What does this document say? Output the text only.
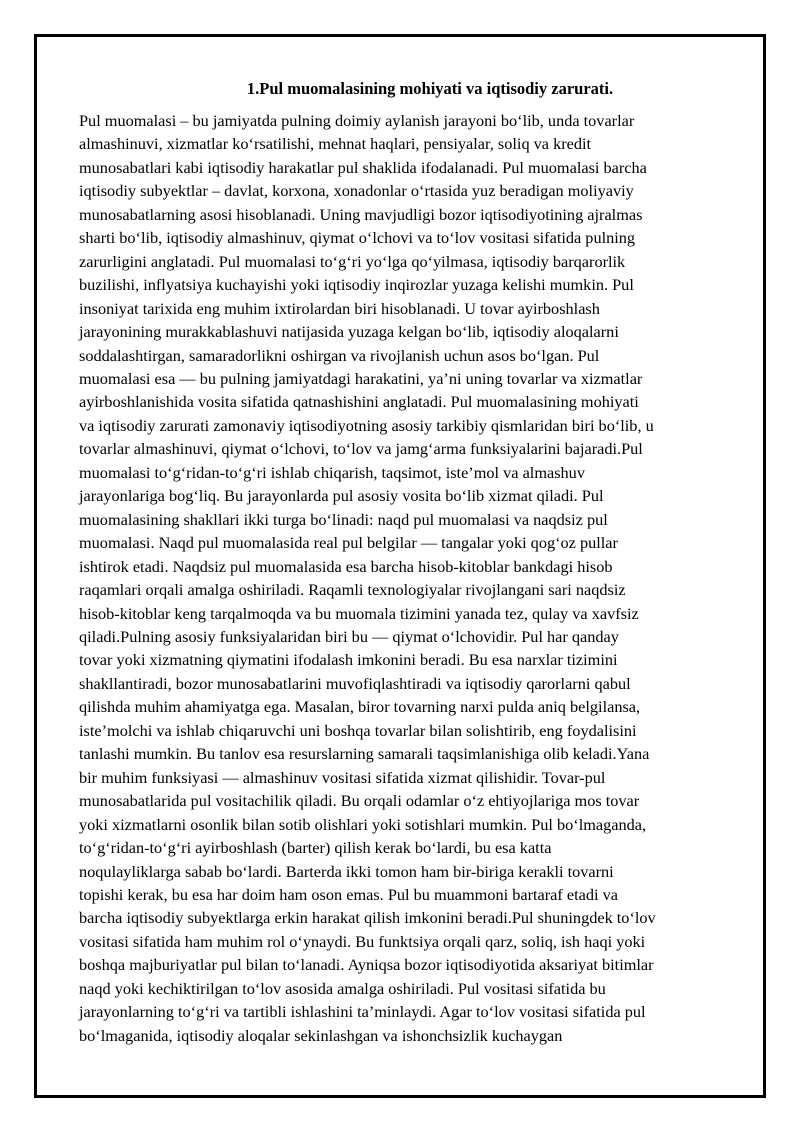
1.Pul muomalasining mohiyati va iqtisodiy zarurati.
Pul muomalasi – bu jamiyatda pulning doimiy aylanish jarayoni bo‘lib, unda tovarlar
almashinuvi, xizmatlar ko‘rsatilishi, mehnat haqlari, pensiyalar, soliq va kredit
munosabatlari kabi iqtisodiy harakatlar pul shaklida ifodalanadi. Pul muomalasi barcha
iqtisodiy subyektlar – davlat, korxona, xonadonlar o‘rtasida yuz beradigan moliyaviy
munosabatlarning asosi hisoblanadi. Uning mavjudligi bozor iqtisodiyotining ajralmas
sharti bo‘lib, iqtisodiy almashinuv, qiymat o‘lchovi va to‘lov vositasi sifatida pulning
zarurligini anglatadi. Pul muomalasi to‘g‘ri yo‘lga qo‘yilmasa, iqtisodiy barqarorlik
buzilishi, inflyatsiya kuchayishi yoki iqtisodiy inqirozlar yuzaga kelishi mumkin. Pul
insoniyat tarixida eng muhim ixtirolardan biri hisoblanadi. U tovar ayirboshlash
jarayonining murakkablashuvi natijasida yuzaga kelgan bo‘lib, iqtisodiy aloqalarni
soddalashtirgan, samaradorlikni oshirgan va rivojlanish uchun asos bo‘lgan. Pul
muomalasi esa — bu pulning jamiyatdagi harakatini, ya’ni uning tovarlar va xizmatlar
ayirboshlanishida vosita sifatida qatnashishini anglatadi. Pul muomalasining mohiyati
va iqtisodiy zarurati zamonaviy iqtisodiyotning asosiy tarkibiy qismlaridan biri bo‘lib, u
tovarlar almashinuvi, qiymat o‘lchovi, to‘lov va jamg‘arma funksiyalarini bajaradi.Pul
muomalasi to‘g‘ridan-to‘g‘ri ishlab chiqarish, taqsimot, iste’mol va almashuv
jarayonlariga bog‘liq. Bu jarayonlarda pul asosiy vosita bo‘lib xizmat qiladi. Pul
muomalasining shakllari ikki turga bo‘linadi: naqd pul muomalasi va naqdsiz pul
muomalasi. Naqd pul muomalasida real pul belgilar — tangalar yoki qog‘oz pullar
ishtirok etadi. Naqdsiz pul muomalasida esa barcha hisob-kitoblar bankdagi hisob
raqamlari orqali amalga oshiriladi. Raqamli texnologiyalar rivojlangani sari naqdsiz
hisob-kitoblar keng tarqalmoqda va bu muomala tizimini yanada tez, qulay va xavfsiz
qiladi.Pulning asosiy funksiyalaridan biri bu — qiymat o‘lchovidir. Pul har qanday
tovar yoki xizmatning qiymatini ifodalash imkonini beradi. Bu esa narxlar tizimini
shakllantiradi, bozor munosabatlarini muvofiqlashtiradi va iqtisodiy qarorlarni qabul
qilishda muhim ahamiyatga ega. Masalan, biror tovarning narxi pulda aniq belgilansa,
iste’molchi va ishlab chiqaruvchi uni boshqa tovarlar bilan solishtirib, eng foydalisini
tanlashi mumkin. Bu tanlov esa resurslarning samarali taqsimlanishiga olib keladi.Yana
bir muhim funksiyasi — almashinuv vositasi sifatida xizmat qilishidir. Tovar-pul
munosabatlarida pul vositachilik qiladi. Bu orqali odamlar o‘z ehtiyojlariga mos tovar
yoki xizmatlarni osonlik bilan sotib olishlari yoki sotishlari mumkin. Pul bo‘lmaganda,
to‘g‘ridan-to‘g‘ri ayirboshlash (barter) qilish kerak bo‘lardi, bu esa katta
noqulayliklarga sabab bo‘lardi. Barterda ikki tomon ham bir-biriga kerakli tovarni
topishi kerak, bu esa har doim ham oson emas. Pul bu muammoni bartaraf etadi va
barcha iqtisodiy subyektlarga erkin harakat qilish imkonini beradi.Pul shuningdek to‘lov
vositasi sifatida ham muhim rol o‘ynaydi. Bu funktsiya orqali qarz, soliq, ish haqi yoki
boshqa majburiyatlar pul bilan to‘lanadi. Ayniqsa bozor iqtisodiyotida aksariyat bitimlar
naqd yoki kechiktirilgan to‘lov asosida amalga oshiriladi. Pul vositasi sifatida bu
jarayonlarning to‘g‘ri va tartibli ishlashini ta’minlaydi. Agar to‘lov vositasi sifatida pul
bo‘lmaganida, iqtisodiy aloqalar sekinlashgan va ishonchsizlik kuchaygan
